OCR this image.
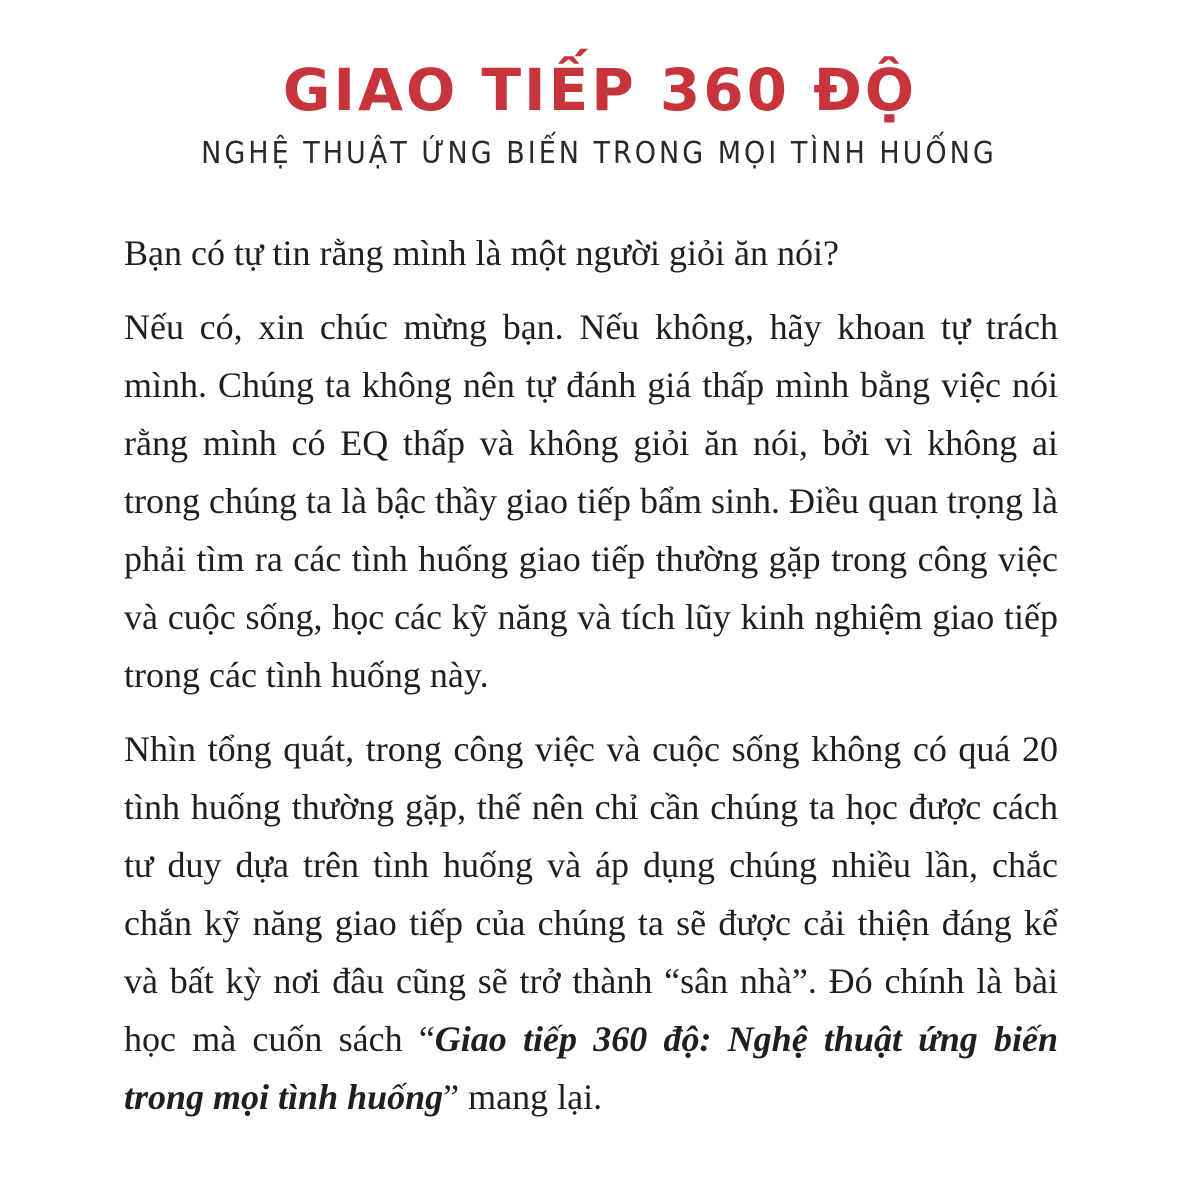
GIAO TIẾP 360 ĐỘ
NGHỆ THUẬT ỨNG BIẾN TRONG MỌI TÌNH HUỐNG

Bạn có tự tin rằng mình là một người giỏi ăn nói?

Nếu có, xin chúc mừng bạn. Nếu không, hãy khoan tự trách mình. Chúng ta không nên tự đánh giá thấp mình bằng việc nói rằng mình có EQ thấp và không giỏi ăn nói, bởi vì không ai trong chúng ta là bậc thầy giao tiếp bẩm sinh. Điều quan trọng là phải tìm ra các tình huống giao tiếp thường gặp trong công việc và cuộc sống, học các kỹ năng và tích lũy kinh nghiệm giao tiếp trong các tình huống này.

Nhìn tổng quát, trong công việc và cuộc sống không có quá 20 tình huống thường gặp, thế nên chỉ cần chúng ta học được cách tư duy dựa trên tình huống và áp dụng chúng nhiều lần, chắc chắn kỹ năng giao tiếp của chúng ta sẽ được cải thiện đáng kể và bất kỳ nơi đâu cũng sẽ trở thành “sân nhà”. Đó chính là bài học mà cuốn sách “Giao tiếp 360 độ: Nghệ thuật ứng biến trong mọi tình huống” mang lại.
